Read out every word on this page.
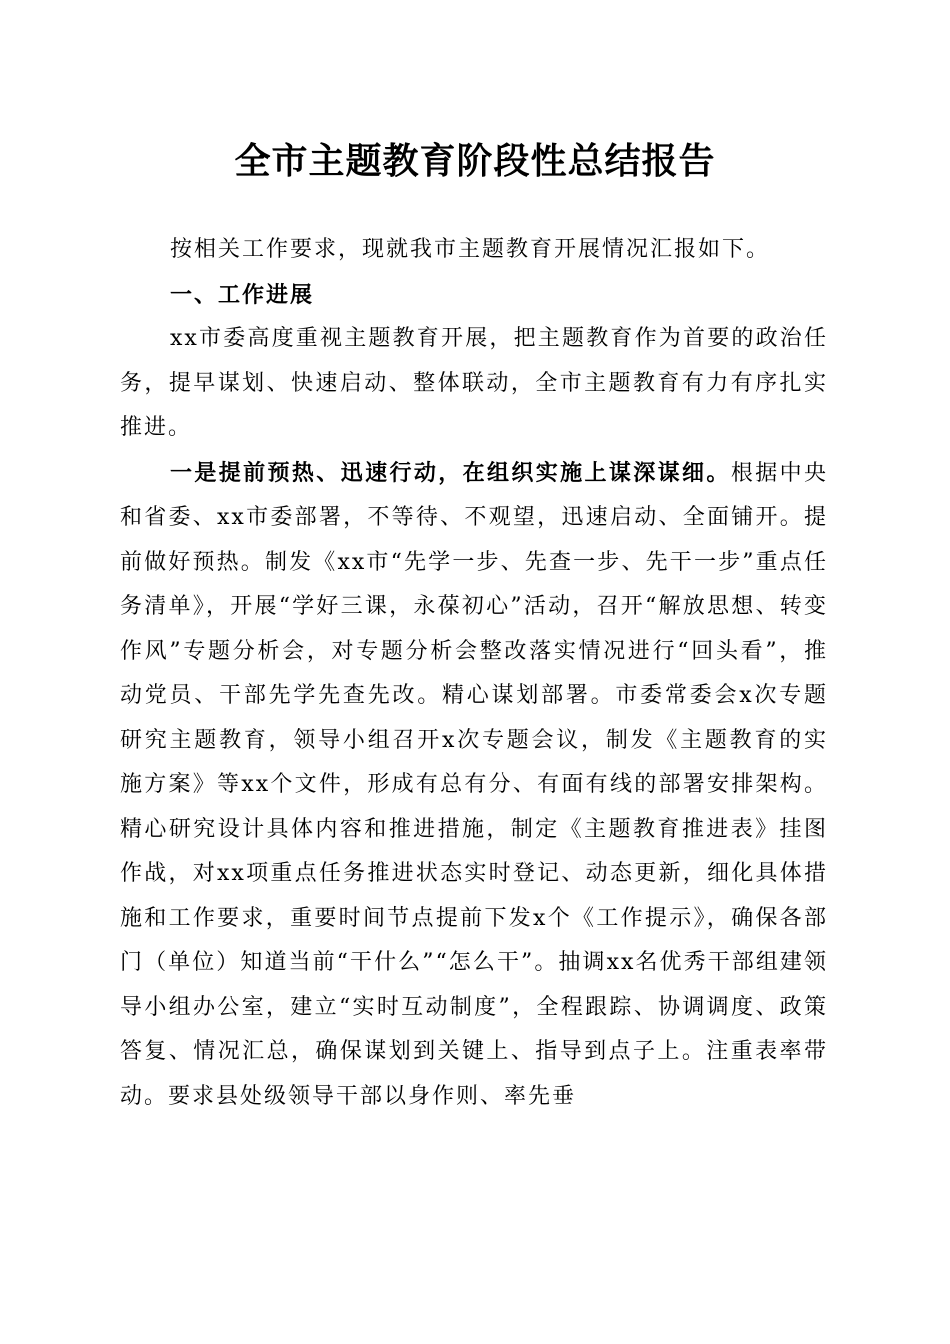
全市主题教育阶段性总结报告

按相关工作要求，现就我市主题教育开展情况汇报如下。

一、工作进展

xx市委高度重视主题教育开展，把主题教育作为首要的政治任务，提早谋划、快速启动、整体联动，全市主题教育有力有序扎实推进。

一是提前预热、迅速行动，在组织实施上谋深谋细。根据中央和省委、xx市委部署，不等待、不观望，迅速启动、全面铺开。提前做好预热。制发《xx市“先学一步、先查一步、先干一步”重点任务清单》，开展“学好三课，永葆初心”活动，召开“解放思想、转变作风”专题分析会，对专题分析会整改落实情况进行“回头看”，推动党员、干部先学先查先改。精心谋划部署。市委常委会x次专题研究主题教育，领导小组召开x次专题会议，制发《主题教育的实施方案》等xx个文件，形成有总有分、有面有线的部署安排架构。精心研究设计具体内容和推进措施，制定《主题教育推进表》挂图作战，对xx项重点任务推进状态实时登记、动态更新，细化具体措施和工作要求，重要时间节点提前下发x个《工作提示》，确保各部门（单位）知道当前“干什么”“怎么干”。抽调xx名优秀干部组建领导小组办公室，建立“实时互动制度”，全程跟踪、协调调度、政策答复、情况汇总，确保谋划到关键上、指导到点子上。注重表率带动。要求县处级领导干部以身作则、率先垂
